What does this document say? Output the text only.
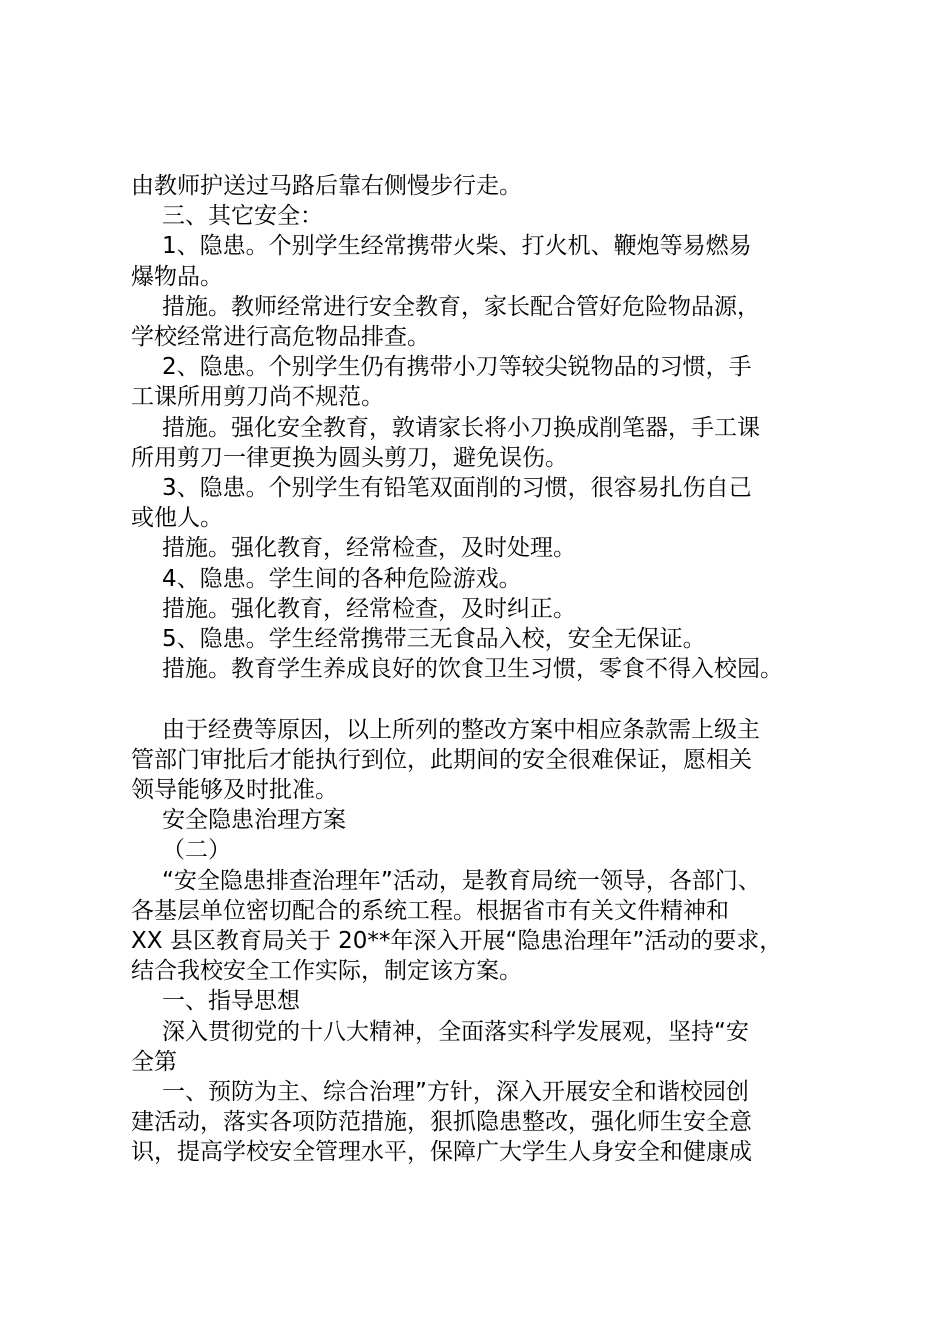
由教师护送过马路后靠右侧慢步行走。

三、其它安全：

1、隐患。个别学生经常携带火柴、打火机、鞭炮等易燃易

爆物品。

措施。教师经常进行安全教育，家长配合管好危险物品源，

学校经常进行高危物品排查。

2、隐患。个别学生仍有携带小刀等较尖锐物品的习惯，手

工课所用剪刀尚不规范。

措施。强化安全教育，敦请家长将小刀换成削笔器，手工课

所用剪刀一律更换为圆头剪刀，避免误伤。

3、隐患。个别学生有铅笔双面削的习惯，很容易扎伤自己

或他人。

措施。强化教育，经常检查，及时处理。

4、隐患。学生间的各种危险游戏。

措施。强化教育，经常检查，及时纠正。

5、隐患。学生经常携带三无食品入校，安全无保证。

措施。教育学生养成良好的饮食卫生习惯，零食不得入校园。

由于经费等原因，以上所列的整改方案中相应条款需上级主

管部门审批后才能执行到位，此期间的安全很难保证，愿相关

领导能够及时批准。

安全隐患治理方案

（二）

“安全隐患排查治理年”活动，是教育局统一领导，各部门、

各基层单位密切配合的系统工程。根据省市有关文件精神和

XX 县区教育局关于 20**年深入开展“隐患治理年”活动的要求，

结合我校安全工作实际，制定该方案。

一、指导思想

深入贯彻党的十八大精神，全面落实科学发展观，坚持“安

全第

一、预防为主、综合治理”方针，深入开展安全和谐校园创

建活动，落实各项防范措施，狠抓隐患整改，强化师生安全意

识，提高学校安全管理水平，保障广大学生人身安全和健康成
